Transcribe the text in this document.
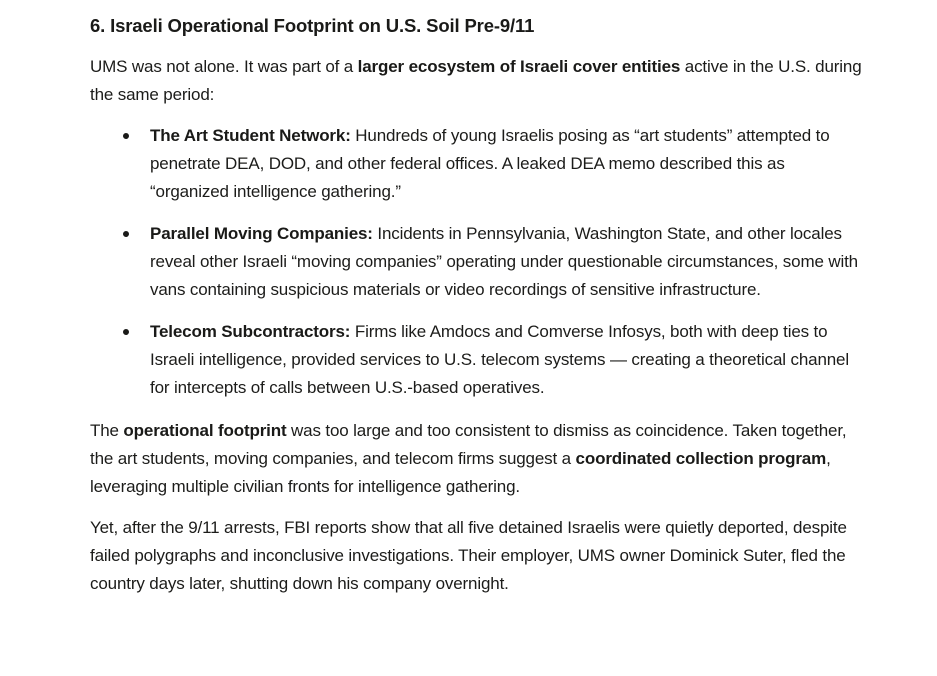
6. Israeli Operational Footprint on U.S. Soil Pre-9/11

UMS was not alone. It was part of a larger ecosystem of Israeli cover entities active in the U.S. during the same period:

The Art Student Network: Hundreds of young Israelis posing as “art students” attempted to penetrate DEA, DOD, and other federal offices. A leaked DEA memo described this as “organized intelligence gathering.”
Parallel Moving Companies: Incidents in Pennsylvania, Washington State, and other locales reveal other Israeli “moving companies” operating under questionable circumstances, some with vans containing suspicious materials or video recordings of sensitive infrastructure.
Telecom Subcontractors: Firms like Amdocs and Comverse Infosys, both with deep ties to Israeli intelligence, provided services to U.S. telecom systems — creating a theoretical channel for intercepts of calls between U.S.-based operatives.

The operational footprint was too large and too consistent to dismiss as coincidence. Taken together, the art students, moving companies, and telecom firms suggest a coordinated collection program, leveraging multiple civilian fronts for intelligence gathering.

Yet, after the 9/11 arrests, FBI reports show that all five detained Israelis were quietly deported, despite failed polygraphs and inconclusive investigations. Their employer, UMS owner Dominick Suter, fled the country days later, shutting down his company overnight.
